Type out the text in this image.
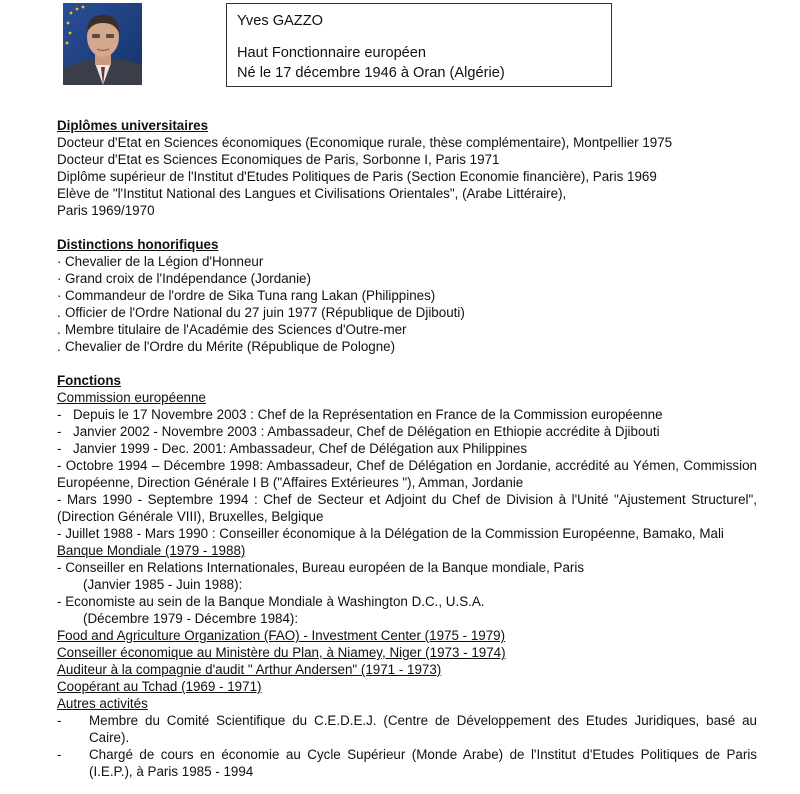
Yves GAZZO
Haut Fonctionnaire européen
Né le 17 décembre 1946 à Oran (Algérie)
Diplômes universitaires
Docteur d'Etat en Sciences économiques (Economique rurale, thèse complémentaire), Montpellier 1975
Docteur d'Etat es Sciences Economiques de Paris, Sorbonne I, Paris 1971
Diplôme supérieur de l'Institut d'Etudes Politiques de Paris (Section Economie financière), Paris 1969
Elève de "l'Institut National des Langues et Civilisations Orientales", (Arabe Littéraire),
Paris 1969/1970
Distinctions honorifiques
· Chevalier de la Légion d'Honneur
· Grand croix de l'Indépendance (Jordanie)
· Commandeur de l'ordre de Sika Tuna rang Lakan (Philippines)
. Officier de l'Ordre National du 27 juin 1977 (République de Djibouti)
. Membre titulaire de l'Académie des Sciences d'Outre-mer
. Chevalier de l'Ordre du Mérite (République de Pologne)
Fonctions
Commission européenne
- Depuis le 17 Novembre 2003 : Chef de la Représentation en France de la Commission européenne
- Janvier 2002 - Novembre 2003 : Ambassadeur, Chef de Délégation en Ethiopie accrédite à Djibouti
- Janvier 1999 - Dec. 2001: Ambassadeur, Chef de Délégation aux Philippines
- Octobre 1994 – Décembre 1998: Ambassadeur, Chef de Délégation en Jordanie, accrédité au Yémen, Commission Européenne, Direction Générale I B ("Affaires Extérieures "), Amman, Jordanie
- Mars 1990 - Septembre 1994 : Chef de Secteur et Adjoint du Chef de Division à l'Unité "Ajustement Structurel", (Direction Générale VIII), Bruxelles, Belgique
- Juillet 1988 - Mars 1990 : Conseiller économique à la Délégation de la Commission Européenne, Bamako, Mali
Banque Mondiale (1979 - 1988)
- Conseiller en Relations Internationales, Bureau européen de la Banque mondiale, Paris
(Janvier 1985 - Juin 1988):
- Economiste au sein de la Banque Mondiale à Washington D.C., U.S.A.
(Décembre 1979 - Décembre 1984):
Food and Agriculture Organization (FAO) - Investment Center (1975 - 1979)
Conseiller économique au Ministère du Plan, à Niamey, Niger (1973 - 1974)
Auditeur à la compagnie d'audit " Arthur Andersen" (1971 - 1973)
Coopérant au Tchad (1969 - 1971)
Autres activités
-	Membre du Comité Scientifique du C.E.D.E.J. (Centre de Développement des Etudes Juridiques, basé au Caire).
-	Chargé de cours en économie au Cycle Supérieur (Monde Arabe) de l'Institut d'Etudes Politiques de Paris (I.E.P.), à Paris 1985 - 1994
